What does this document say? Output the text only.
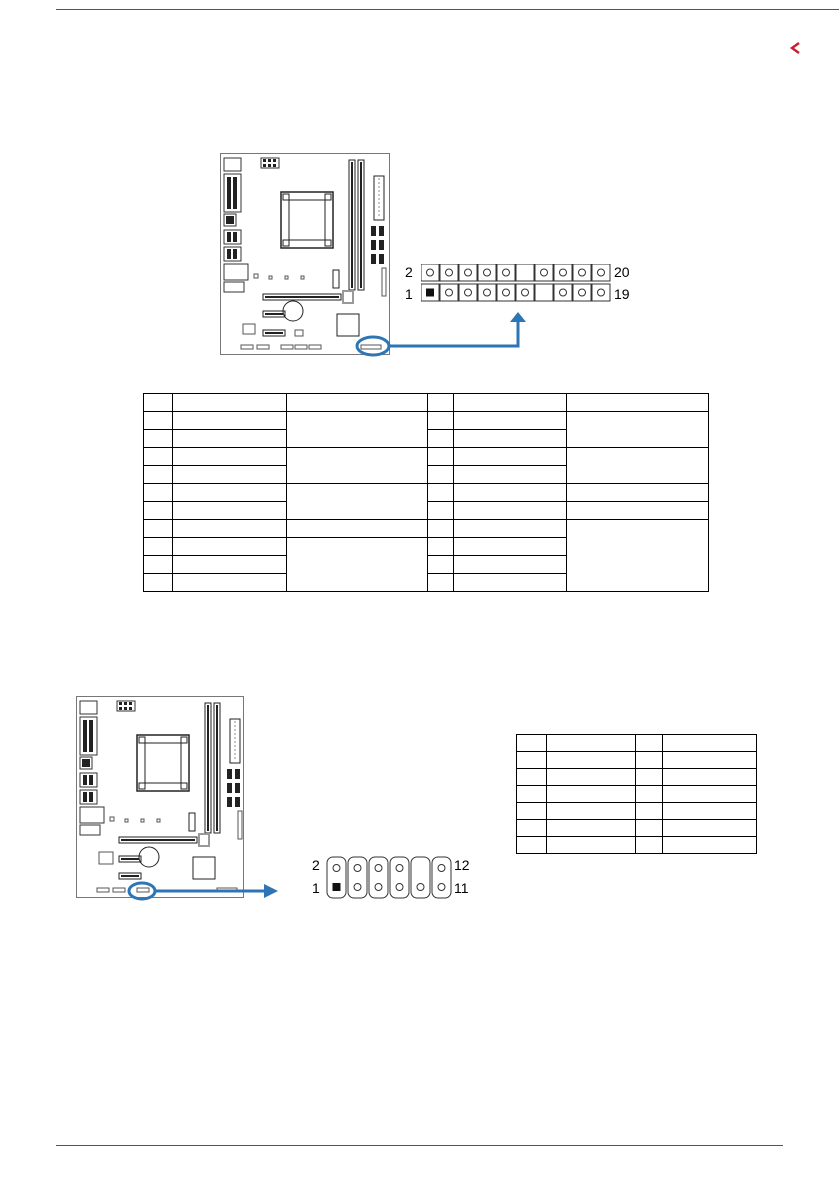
2
1
20
19

2
1
12
11
